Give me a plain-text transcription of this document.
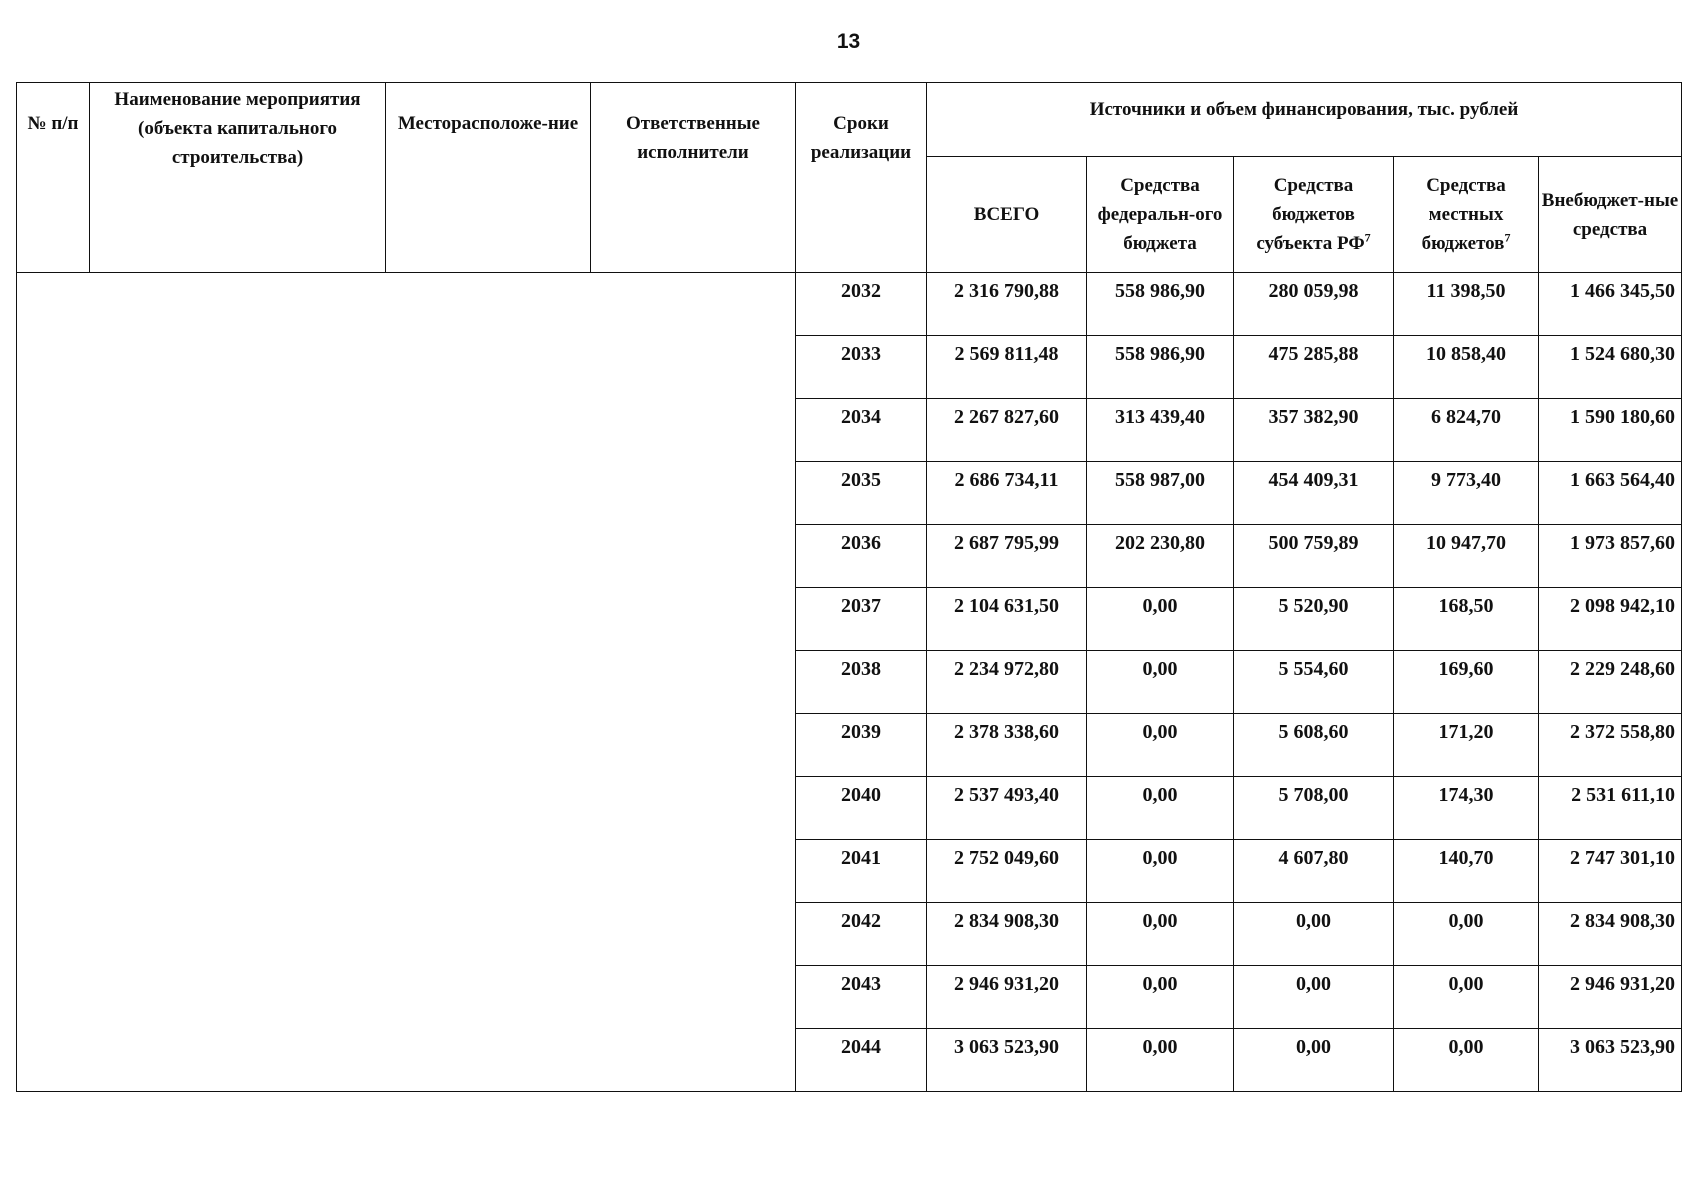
13
№ п/п	Наименование мероприятия (объекта капитального строительства)	Месторасположе-ние	Ответственные исполнители	Сроки реализации	Источники и объем финансирования, тыс. рублей				
					ВСЕГО	Средства федеральн-ого бюджета	Средства бюджетов субъекта $РФ^7$	Средства местных бюджетов$^7$	Внебюджет-ные средства
				2032	2 316 790,88	558 986,90	280 059,98	11 398,50	1 466 345,50
				2033	2 569 811,48	558 986,90	475 285,88	10 858,40	1 524 680,30
				2034	2 267 827,60	313 439,40	357 382,90	6 824,70	1 590 180,60
				2035	2 686 734,11	558 987,00	454 409,31	9 773,40	1 663 564,40
				2036	2 687 795,99	202 230,80	500 759,89	10 947,70	1 973 857,60
				2037	2 104 631,50	0,00	5 520,90	168,50	2 098 942,10
				2038	2 234 972,80	0,00	5 554,60	169,60	2 229 248,60
				2039	2 378 338,60	0,00	5 608,60	171,20	2 372 558,80
				2040	2 537 493,40	0,00	5 708,00	174,30	2 531 611,10
				2041	2 752 049,60	0,00	4 607,80	140,70	2 747 301,10
				2042	2 834 908,30	0,00	0,00	0,00	2 834 908,30
				2043	2 946 931,20	0,00	0,00	0,00	2 946 931,20
				2044	3 063 523,90	0,00	0,00	0,00	3 063 523,90
